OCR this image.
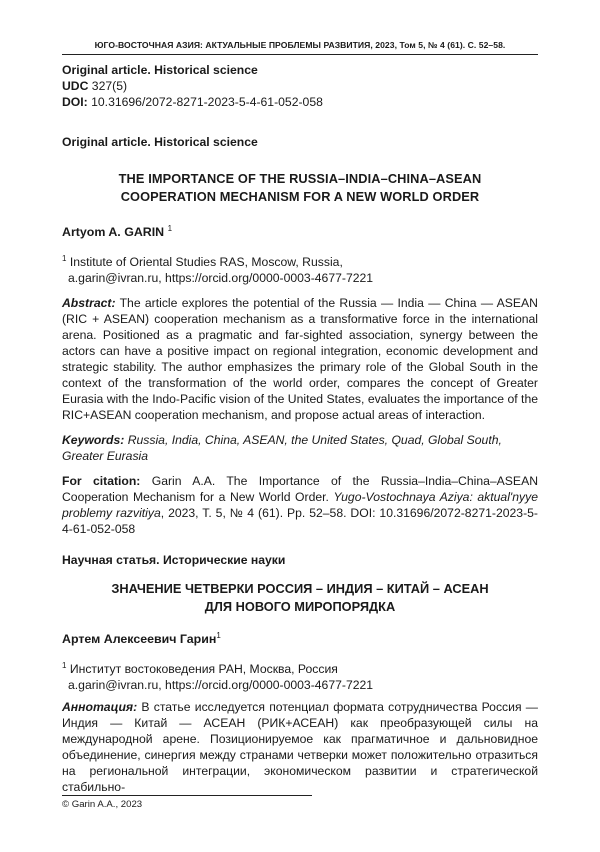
ЮГО-ВОСТОЧНАЯ АЗИЯ: АКТУАЛЬНЫЕ ПРОБЛЕМЫ РАЗВИТИЯ, 2023, Том 5, № 4 (61). С. 52–58.
Original article. Historical science
UDC 327(5)
DOI: 10.31696/2072-8271-2023-5-4-61-052-058
Original article. Historical science
THE IMPORTANCE OF THE RUSSIA–INDIA–CHINA–ASEAN
COOPERATION MECHANISM FOR A NEW WORLD ORDER
Artyom A. GARIN $^1$
$^1$ Institute of Oriental Studies RAS, Moscow, Russia,
a.garin@ivran.ru, https://orcid.org/0000-0003-4677-7221
Abstract: The article explores the potential of the Russia — India — China — ASEAN (RIC + ASEAN) cooperation mechanism as a transformative force in the international arena. Positioned as a pragmatic and far-sighted association, synergy between the actors can have a positive impact on regional integration, economic development and strategic stability. The author emphasizes the primary role of the Global South in the context of the transformation of the world order, compares the concept of Greater Eurasia with the Indo-Pacific vision of the United States, evaluates the importance of the RIC+ASEAN cooperation mechanism, and propose actual areas of interaction.
Keywords: Russia, India, China, ASEAN, the United States, Quad, Global South, Greater Eurasia
For citation: Garin A.A. The Importance of the Russia–India–China–ASEAN Cooperation Mechanism for a New World Order. Yugo-Vostochnaya Aziya: aktual'nyye problemy razvitiya, 2023, T. 5, № 4 (61). Pp. 52–58. DOI: 10.31696/2072-8271-2023-5-4-61-052-058
Научная статья. Исторические науки
ЗНАЧЕНИЕ ЧЕТВЕРКИ РОССИЯ – ИНДИЯ – КИТАЙ – АСЕАН
ДЛЯ НОВОГО МИРОПОРЯДКА
Артем Алексеевич Гарин$^1$
$^1$ Институт востоковедения РАН, Москва, Россия
a.garin@ivran.ru, https://orcid.org/0000-0003-4677-7221
Аннотация: В статье исследуется потенциал формата сотрудничества Россия —Индия — Китай — АСЕАН (РИК+АСЕАН) как преобразующей силы на международной арене. Позиционируемое как прагматичное и дальновидное объединение, синергия между странами четверки может положительно отразиться на региональной интеграции, экономическом развитии и стратегической стабильно-
© Garin A.A., 2023
